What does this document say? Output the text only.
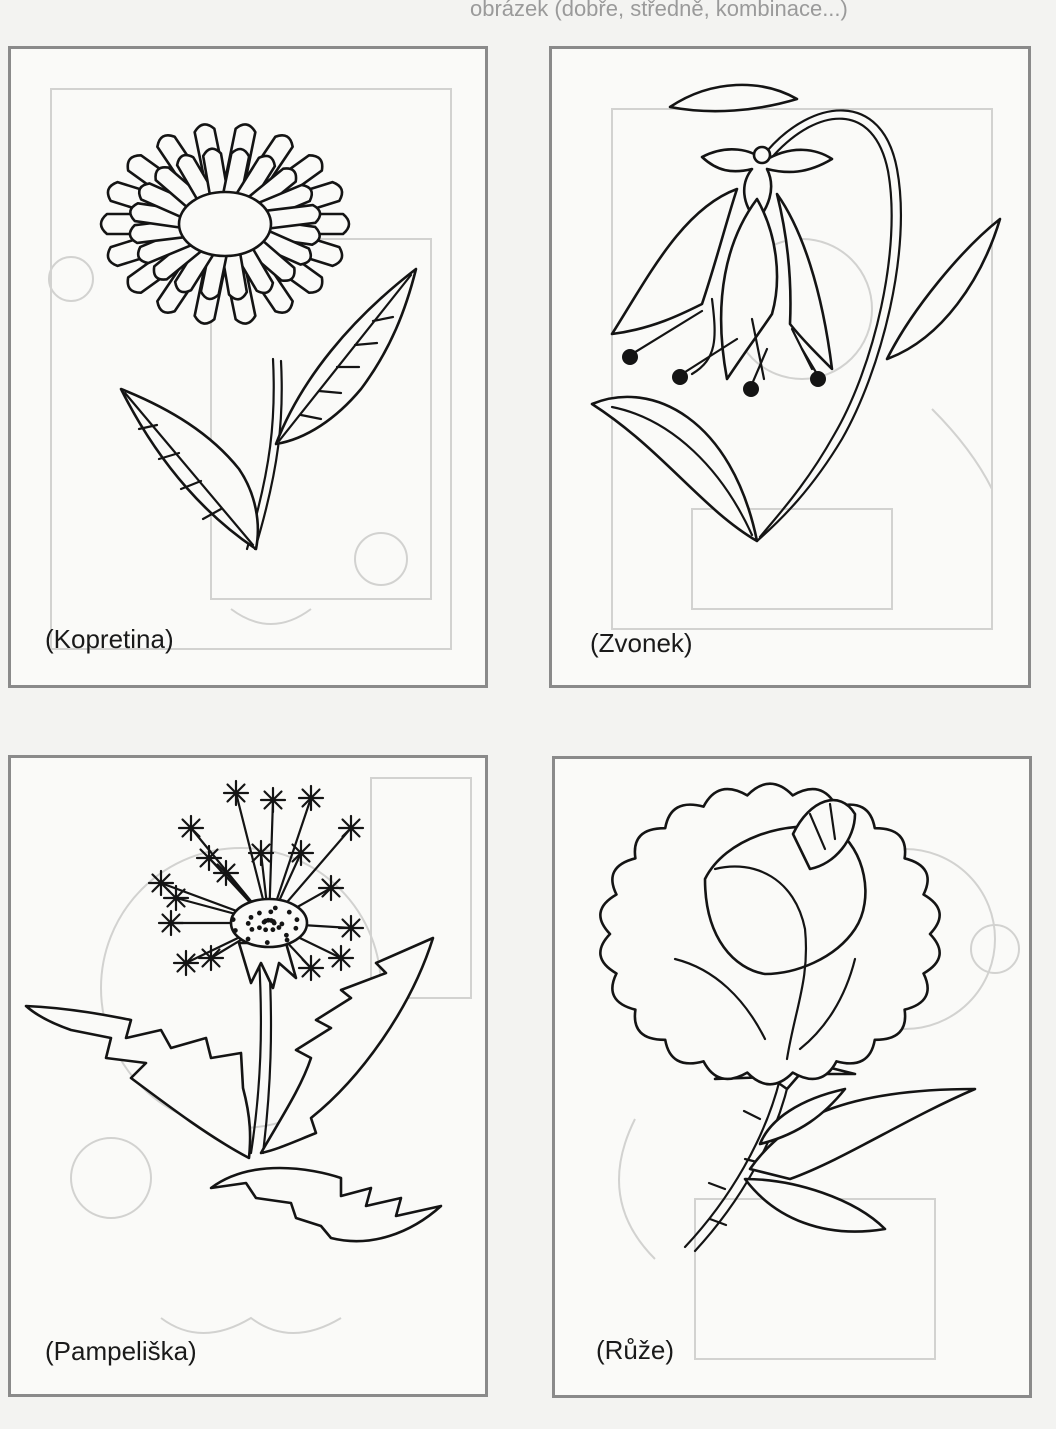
obrázek (dobře, středně, kombinace...)
(Kopretina)	(Zvonek)
(Pampeliška)	(Růže)
